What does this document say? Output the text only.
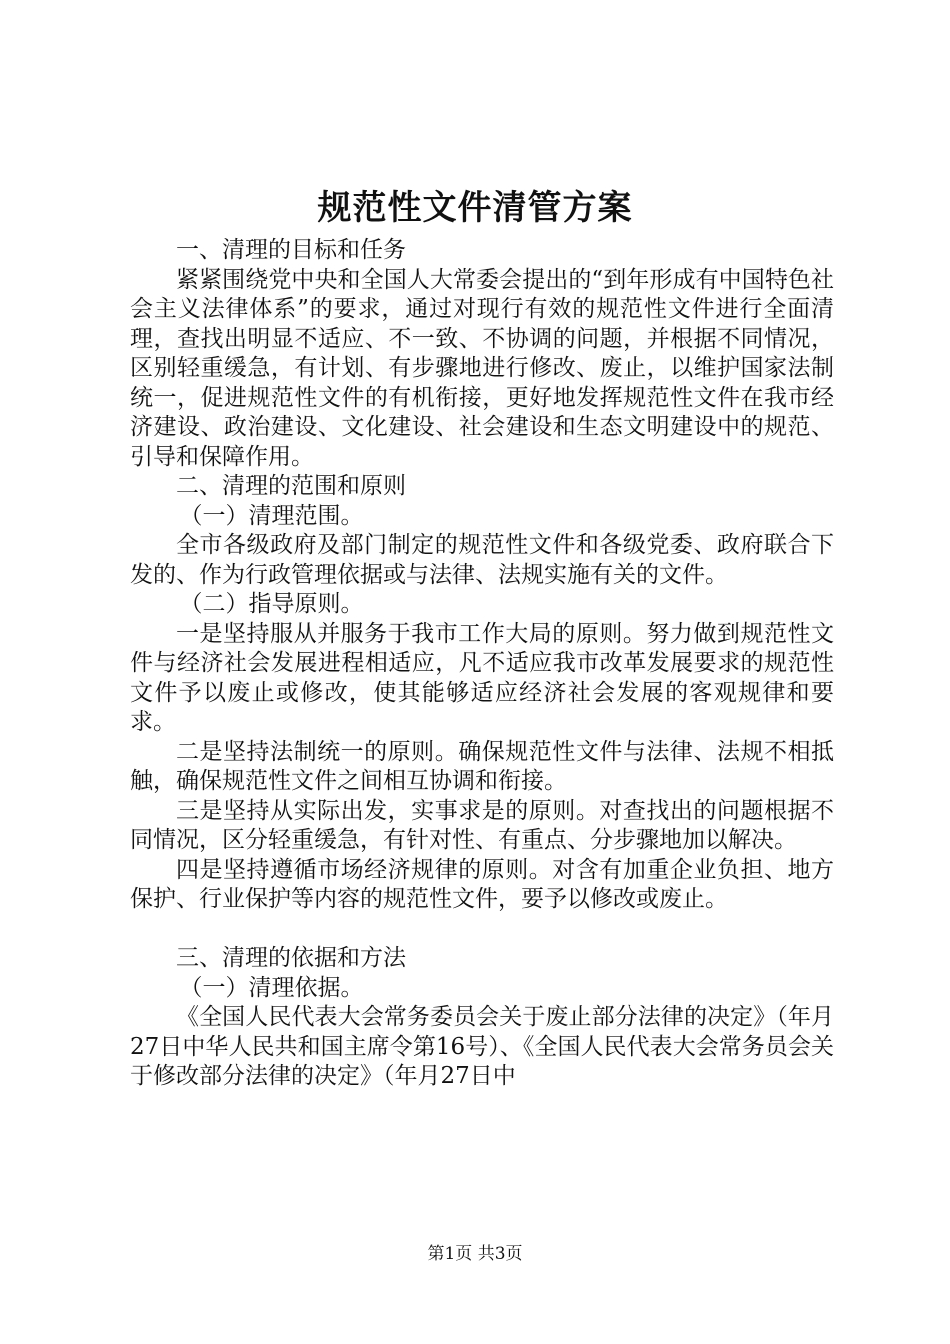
规范性文件清管方案

一、清理的目标和任务

紧紧围绕党中央和全国人大常委会提出的“到年形成有中国特色社会主义法律体系”的要求，通过对现行有效的规范性文件进行全面清理，查找出明显不适应、不一致、不协调的问题，并根据不同情况，区别轻重缓急，有计划、有步骤地进行修改、废止，以维护国家法制统一，促进规范性文件的有机衔接，更好地发挥规范性文件在我市经济建设、政治建设、文化建设、社会建设和生态文明建设中的规范、引导和保障作用。

二、清理的范围和原则

（一）清理范围。

全市各级政府及部门制定的规范性文件和各级党委、政府联合下发的、作为行政管理依据或与法律、法规实施有关的文件。

（二）指导原则。

一是坚持服从并服务于我市工作大局的原则。努力做到规范性文件与经济社会发展进程相适应，凡不适应我市改革发展要求的规范性文件予以废止或修改，使其能够适应经济社会发展的客观规律和要求。

二是坚持法制统一的原则。确保规范性文件与法律、法规不相抵触，确保规范性文件之间相互协调和衔接。

三是坚持从实际出发，实事求是的原则。对查找出的问题根据不同情况，区分轻重缓急，有针对性、有重点、分步骤地加以解决。

四是坚持遵循市场经济规律的原则。对含有加重企业负担、地方保护、行业保护等内容的规范性文件，要予以修改或废止。

三、清理的依据和方法

（一）清理依据。

《全国人民代表大会常务委员会关于废止部分法律的决定》（年月27日中华人民共和国主席令第16号）、《全国人民代表大会常务员会关于修改部分法律的决定》（年月27日中

第1页 共3页
